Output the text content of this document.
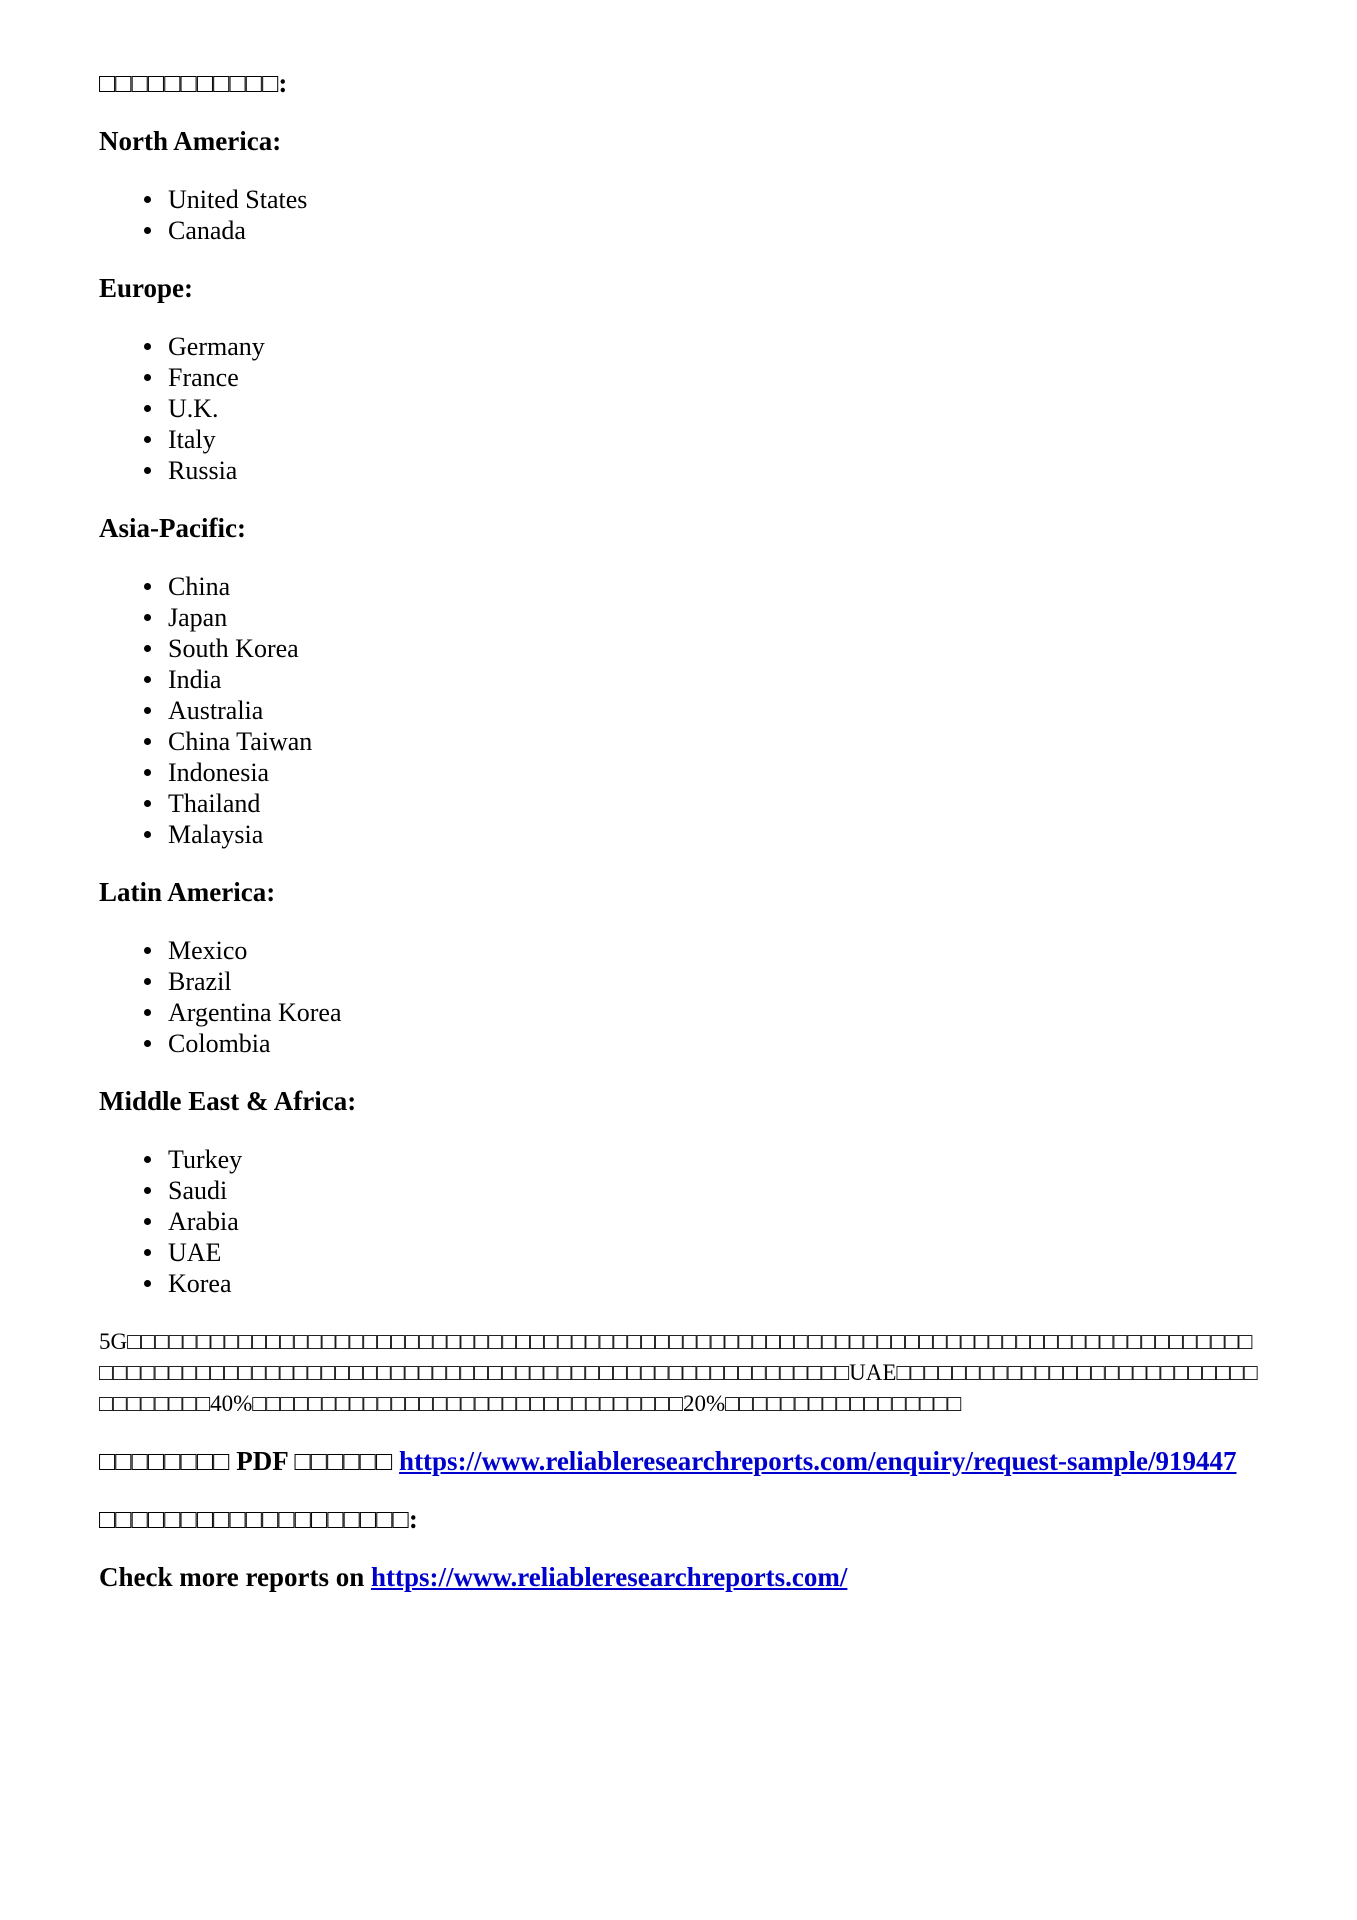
□□□□□□□□□□□:
North America:
United States
Canada
Europe:
Germany
France
U.K.
Italy
Russia
Asia-Pacific:
China
Japan
South Korea
India
Australia
China Taiwan
Indonesia
Thailand
Malaysia
Latin America:
Mexico
Brazil
Argentina Korea
Colombia
Middle East & Africa:
Turkey
Saudi
Arabia
UAE
Korea
5G□□□□□□□□□□□□□□□□□□□□□□□□□□□□□□□□□□□□□□□□□□□□□□□□□□□□□□□□□□□□□□□□□□□□□□□□□□□□□□□□□□□□□□□□□□□□□□□□□□□□□□□□□□□□□□□□□□□□□□□□□□□□□□□□□□□□□□□UAE□□□□□□□□□□□□□□□□□□□□□□□□□□□□□□□□□□40%□□□□□□□□□□□□□□□□□□□□□□□□□□□□□□□20%□□□□□□□□□□□□□□□□□
□□□□□□□□ PDF □□□□□□ https://www.reliableresearchreports.com/enquiry/request-sample/919447
□□□□□□□□□□□□□□□□□□□:
Check more reports on https://www.reliableresearchreports.com/
